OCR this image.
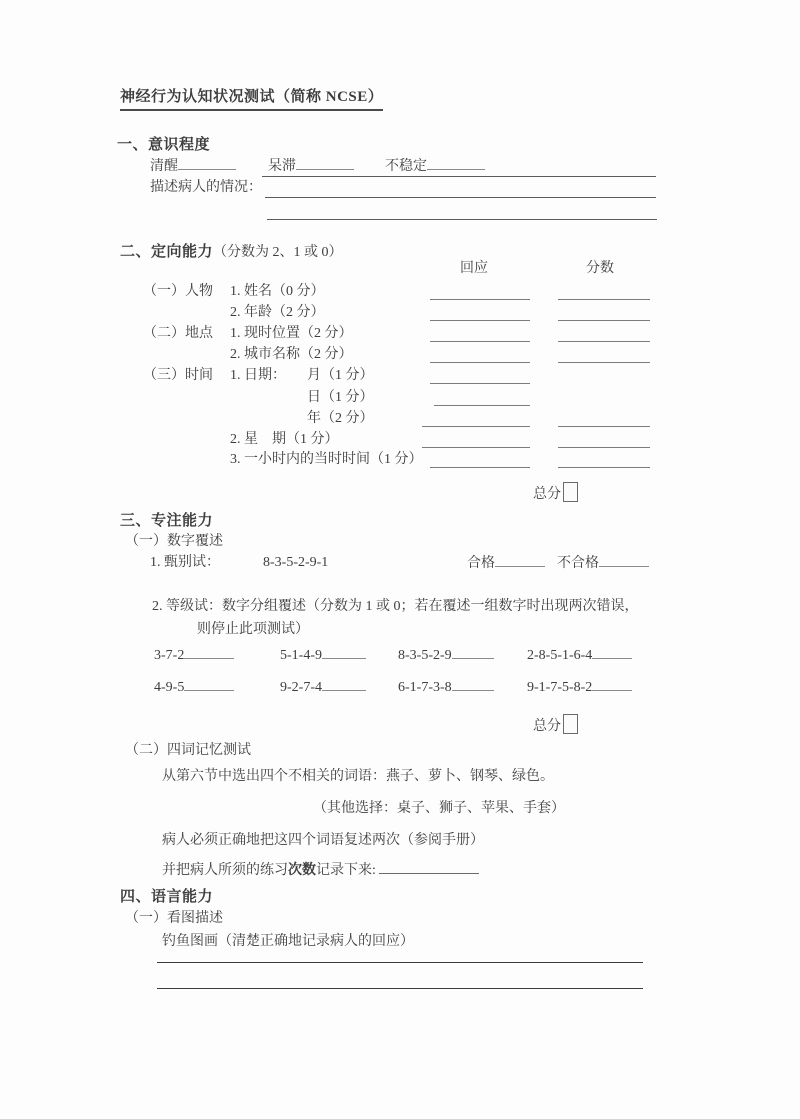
神经行为认知状况测试（简称 NCSE）
一、意识程度
清醒	呆滞	不稳定
描述病人的情况：
二、定向能力（分数为 2、1 或 0）
回应	分数
（一）人物 1. 姓名（0 分）
2. 年龄（2 分）
（二）地点 1. 现时位置（2 分）
2. 城市名称（2 分）
（三）时间 1. 日期： 月（1 分）
日（1 分）
年（2 分）
2. 星　期（1 分）
3. 一小时内的当时时间（1 分）
总分
三、专注能力
（一）数字覆述
1. 甄别试：	8-3-5-2-9-1	合格	不合格
2. 等级试：数字分组覆述（分数为 1 或 0；若在覆述一组数字时出现两次错误，
则停止此项测试）
3-7-2	5-1-4-9	8-3-5-2-9	2-8-5-1-6-4
4-9-5	9-2-7-4	6-1-7-3-8	9-1-7-5-8-2
总分
（二）四词记忆测试
从第六节中选出四个不相关的词语：燕子、萝卜、钢琴、绿色。
（其他选择：桌子、狮子、苹果、手套）
病人必须正确地把这四个词语复述两次（参阅手册）
并把病人所须的练习次数记录下来:
四、语言能力
（一）看图描述
钓鱼图画（清楚正确地记录病人的回应）
